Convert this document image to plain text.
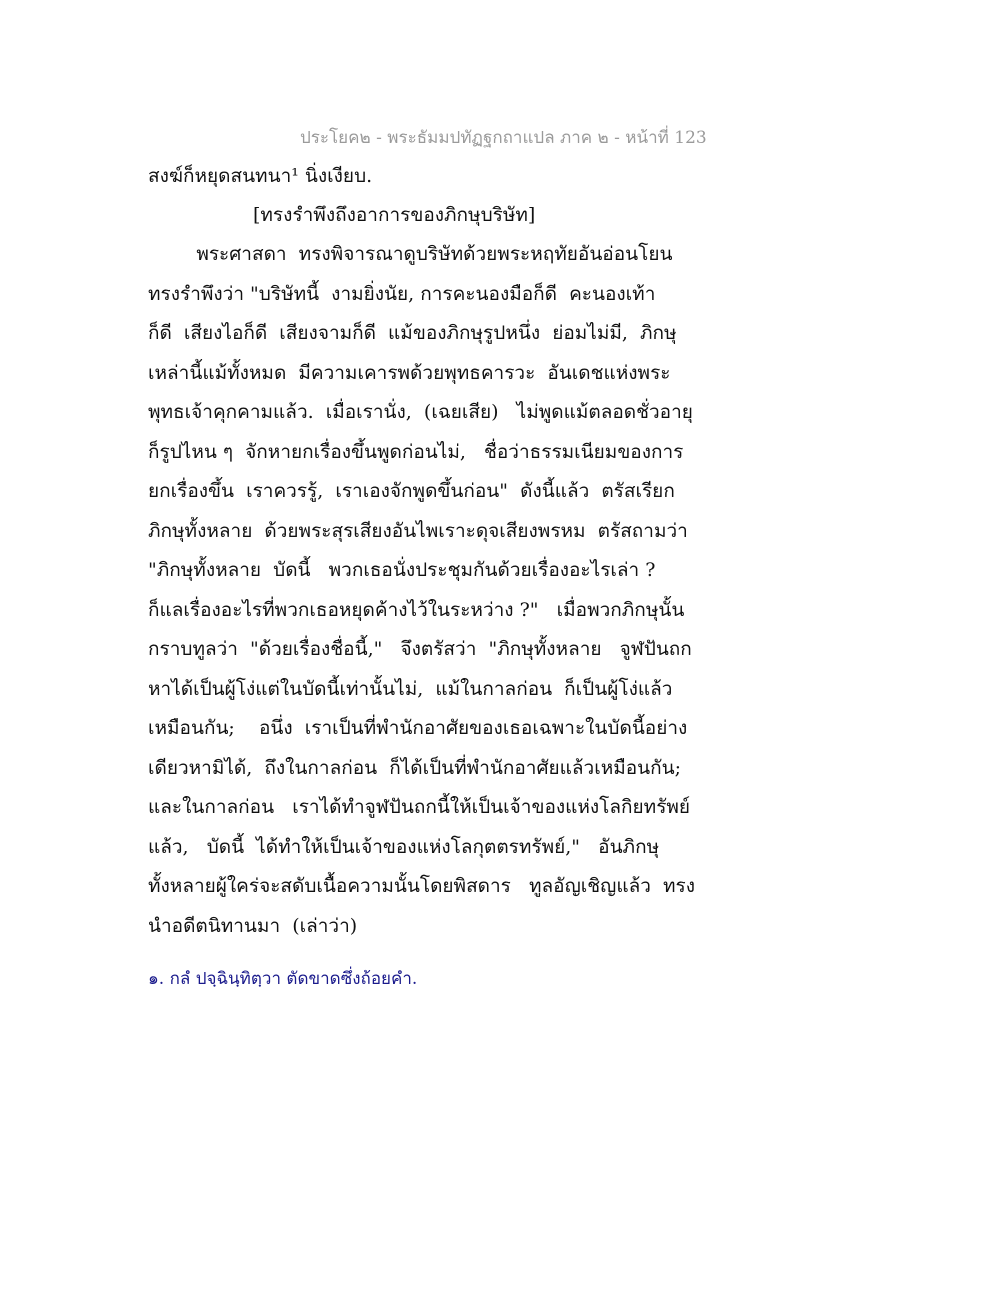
ประโยค๒ - พระธัมมปทัฏฐกถาแปล ภาค ๒ - หน้าที่ 123
สงฆ์ก็หยุดสนทนา¹ นิ่งเงียบ.
[ทรงรำพึงถึงอาการของภิกษุบริษัท]
พระศาสดา  ทรงพิจารณาดูบริษัทด้วยพระหฤทัยอันอ่อนโยน
ทรงรำพึงว่า "บริษัทนี้  งามยิ่งนัย, การคะนองมือก็ดี  คะนองเท้า
ก็ดี  เสียงไอก็ดี  เสียงจามก็ดี  แม้ของภิกษุรูปหนึ่ง  ย่อมไม่มี,  ภิกษุ
เหล่านี้แม้ทั้งหมด  มีความเคารพด้วยพุทธคารวะ  อันเดชแห่งพระ
พุทธเจ้าคุกคามแล้ว.  เมื่อเรานั่ง,  (เฉยเสีย)   ไม่พูดแม้ตลอดชั่วอายุ
ก็รูปไหน ๆ  จักหายกเรื่องขึ้นพูดก่อนไม่,   ชื่อว่าธรรมเนียมของการ
ยกเรื่องขึ้น  เราควรรู้,  เราเองจักพูดขึ้นก่อน"  ดังนี้แล้ว  ตรัสเรียก
ภิกษุทั้งหลาย  ด้วยพระสุรเสียงอันไพเราะดุจเสียงพรหม  ตรัสถามว่า
"ภิกษุทั้งหลาย  บัดนี้   พวกเธอนั่งประชุมกันด้วยเรื่องอะไรเล่า ?
ก็แลเรื่องอะไรที่พวกเธอหยุดค้างไว้ในระหว่าง ?"   เมื่อพวกภิกษุนั้น
กราบทูลว่า  "ด้วยเรื่องชื่อนี้,"   จึงตรัสว่า  "ภิกษุทั้งหลาย   จูฬปันถก
หาได้เป็นผู้โง่แต่ในบัดนี้เท่านั้นไม่,  แม้ในกาลก่อน  ก็เป็นผู้โง่แล้ว
เหมือนกัน;    อนึ่ง  เราเป็นที่พำนักอาศัยของเธอเฉพาะในบัดนี้อย่าง
เดียวหามิได้,  ถึงในกาลก่อน  ก็ได้เป็นที่พำนักอาศัยแล้วเหมือนกัน;
และในกาลก่อน   เราได้ทำจูฬปันถกนี้ให้เป็นเจ้าของแห่งโลกิยทรัพย์
แล้ว,   บัดนี้  ได้ทำให้เป็นเจ้าของแห่งโลกุตตรทรัพย์,"   อันภิกษุ
ทั้งหลายผู้ใคร่จะสดับเนื้อความนั้นโดยพิสดาร   ทูลอัญเชิญแล้ว  ทรง
นำอดีตนิทานมา  (เล่าว่า)
๑. กลํ ปจฺฉินฺทิตฺวา ตัดขาดซึ่งถ้อยคำ.
